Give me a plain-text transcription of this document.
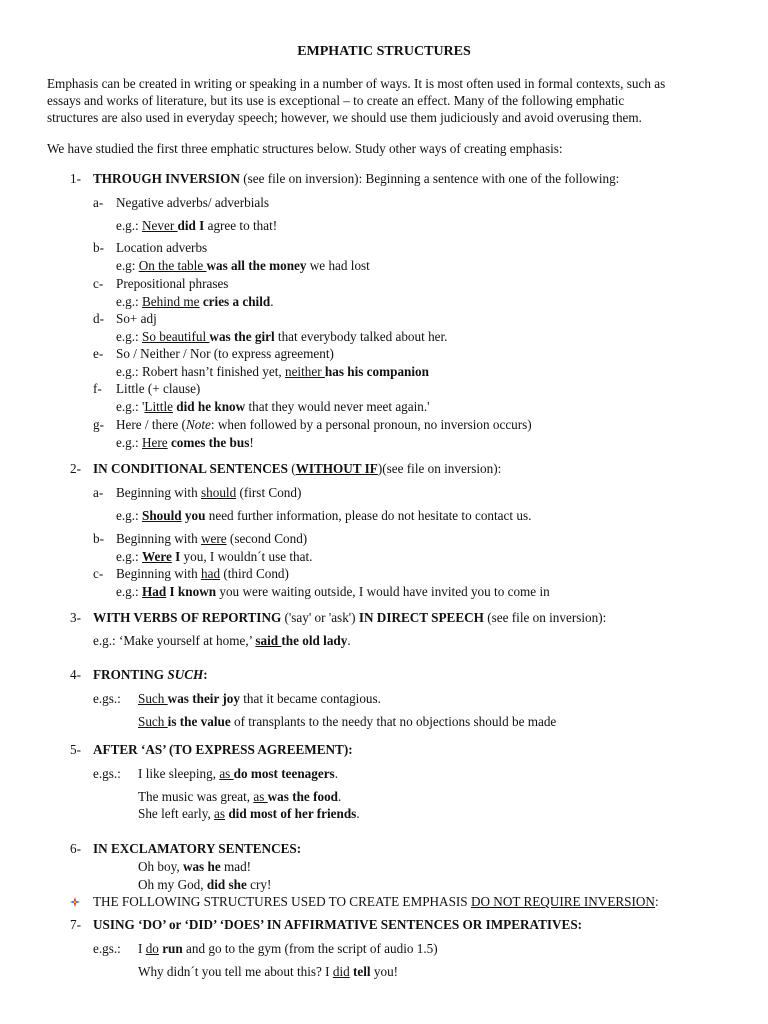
EMPHATIC STRUCTURES
Emphasis can be created in writing or speaking in a number of ways. It is most often used in formal contexts, such as
essays and works of literature, but its use is exceptional – to create an effect. Many of the following emphatic
structures are also used in everyday speech; however, we should use them judiciously and avoid overusing them.
We have studied the first three emphatic structures below. Study other ways of creating emphasis:
1- THROUGH INVERSION (see file on inversion): Beginning a sentence with one of the following:
a- Negative adverbs/ adverbials
e.g.: Never did I agree to that!
b- Location adverbs
e.g: On the table was all the money we had lost
c- Prepositional phrases
e.g.: Behind me cries a child.
d- So+ adj
e.g.: So beautiful was the girl that everybody talked about her.
e- So / Neither / Nor (to express agreement)
e.g.: Robert hasn’t finished yet, neither has his companion
f- Little (+ clause)
e.g.: 'Little did he know that they would never meet again.'
g- Here / there (Note: when followed by a personal pronoun, no inversion occurs)
e.g.: Here comes the bus!
2- IN CONDITIONAL SENTENCES (WITHOUT IF)(see file on inversion):
a- Beginning with should (first Cond)
e.g.: Should you need further information, please do not hesitate to contact us.
b- Beginning with were (second Cond)
e.g.: Were I you, I wouldn´t use that.
c- Beginning with had (third Cond)
e.g.: Had I known you were waiting outside, I would have invited you to come in
3- WITH VERBS OF REPORTING ('say' or 'ask') IN DIRECT SPEECH (see file on inversion):
e.g.: ‘Make yourself at home,’ said the old lady.
4- FRONTING SUCH:
e.gs.: Such was their joy that it became contagious.
Such is the value of transplants to the needy that no objections should be made
5- AFTER ‘AS’ (TO EXPRESS AGREEMENT):
e.gs.: I like sleeping, as do most teenagers.
The music was great, as was the food.
She left early, as did most of her friends.
6- IN EXCLAMATORY SENTENCES:
Oh boy, was he mad!
Oh my God, did she cry!
THE FOLLOWING STRUCTURES USED TO CREATE EMPHASIS DO NOT REQUIRE INVERSION:
7- USING ‘DO’ or ‘DID’ ‘DOES’ IN AFFIRMATIVE SENTENCES OR IMPERATIVES:
e.gs.: I do run and go to the gym (from the script of audio 1.5)
Why didn´t you tell me about this? I did tell you!
